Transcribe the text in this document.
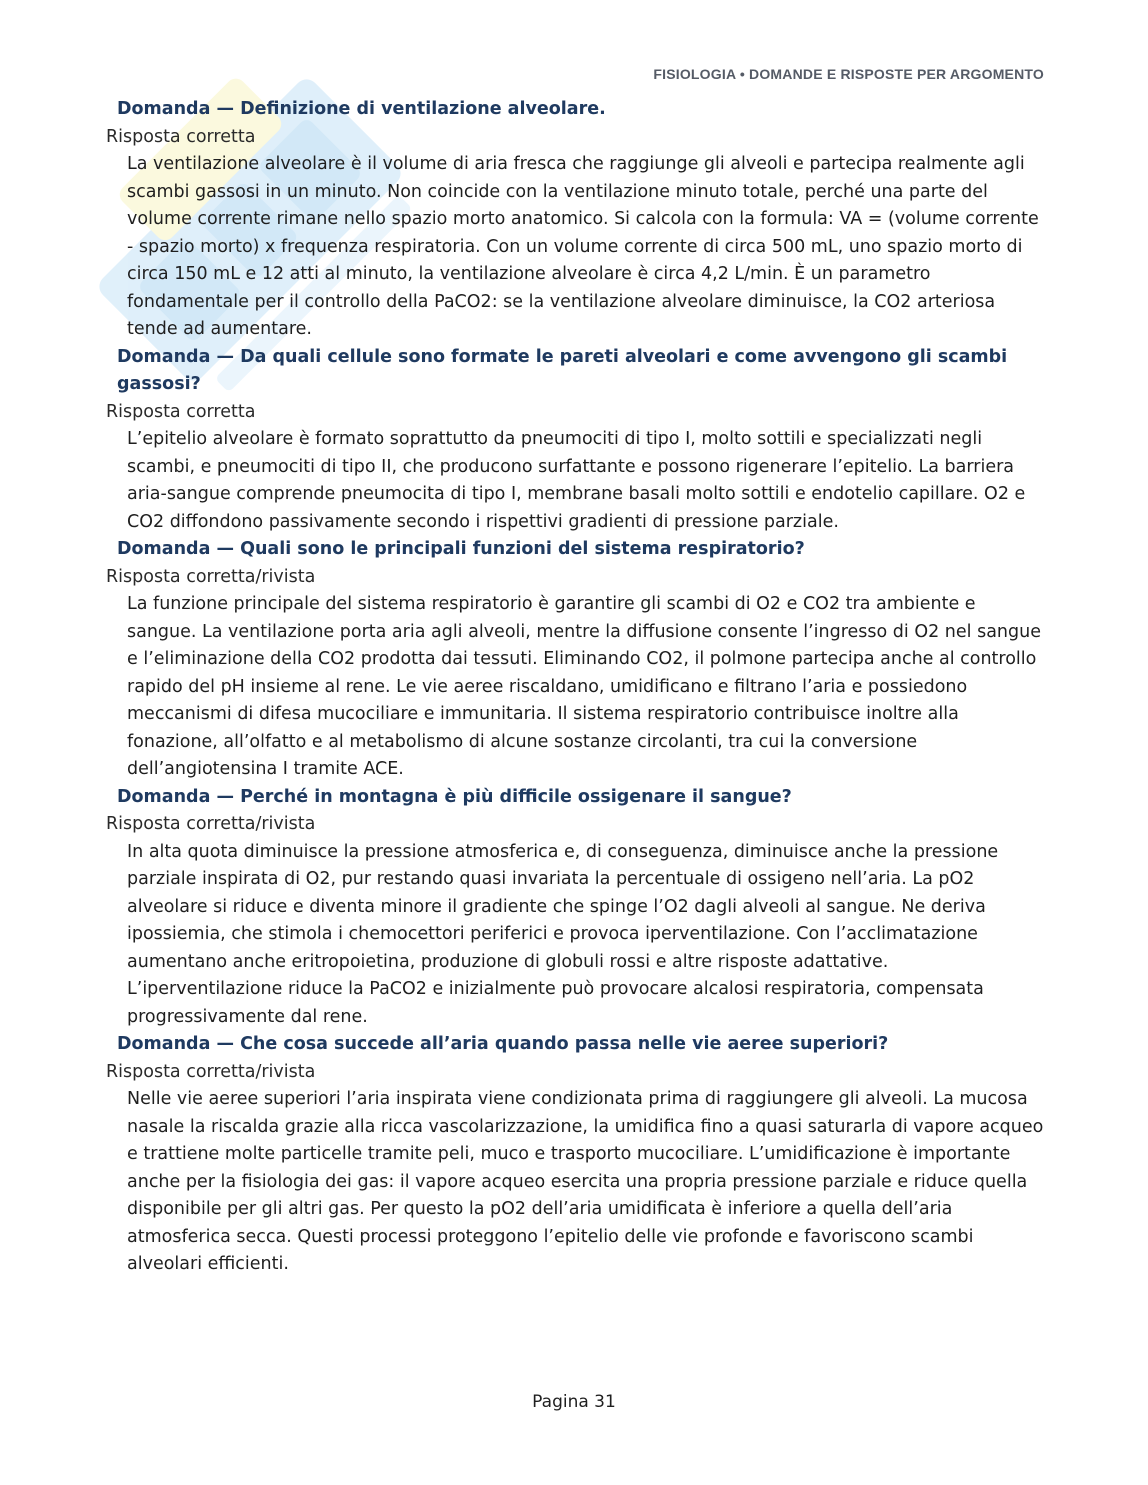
FISIOLOGIA • DOMANDE E RISPOSTE PER ARGOMENTO

Domanda — Definizione di ventilazione alveolare.

Risposta corretta

La ventilazione alveolare è il volume di aria fresca che raggiunge gli alveoli e partecipa realmente agli scambi gassosi in un minuto. Non coincide con la ventilazione minuto totale, perché una parte del volume corrente rimane nello spazio morto anatomico. Si calcola con la formula: VA = (volume corrente - spazio morto) x frequenza respiratoria. Con un volume corrente di circa 500 mL, uno spazio morto di circa 150 mL e 12 atti al minuto, la ventilazione alveolare è circa 4,2 L/min. È un parametro fondamentale per il controllo della PaCO2: se la ventilazione alveolare diminuisce, la CO2 arteriosa tende ad aumentare.

Domanda — Da quali cellule sono formate le pareti alveolari e come avvengono gli scambi gassosi?

Risposta corretta

L’epitelio alveolare è formato soprattutto da pneumociti di tipo I, molto sottili e specializzati negli scambi, e pneumociti di tipo II, che producono surfattante e possono rigenerare l’epitelio. La barriera aria-sangue comprende pneumocita di tipo I, membrane basali molto sottili e endotelio capillare. O2 e CO2 diffondono passivamente secondo i rispettivi gradienti di pressione parziale.

Domanda — Quali sono le principali funzioni del sistema respiratorio?

Risposta corretta/rivista

La funzione principale del sistema respiratorio è garantire gli scambi di O2 e CO2 tra ambiente e sangue. La ventilazione porta aria agli alveoli, mentre la diffusione consente l’ingresso di O2 nel sangue e l’eliminazione della CO2 prodotta dai tessuti. Eliminando CO2, il polmone partecipa anche al controllo rapido del pH insieme al rene. Le vie aeree riscaldano, umidificano e filtrano l’aria e possiedono meccanismi di difesa mucociliare e immunitaria. Il sistema respiratorio contribuisce inoltre alla fonazione, all’olfatto e al metabolismo di alcune sostanze circolanti, tra cui la conversione dell’angiotensina I tramite ACE.

Domanda — Perché in montagna è più difficile ossigenare il sangue?

Risposta corretta/rivista

In alta quota diminuisce la pressione atmosferica e, di conseguenza, diminuisce anche la pressione parziale inspirata di O2, pur restando quasi invariata la percentuale di ossigeno nell’aria. La pO2 alveolare si riduce e diventa minore il gradiente che spinge l’O2 dagli alveoli al sangue. Ne deriva ipossiemia, che stimola i chemocettori periferici e provoca iperventilazione. Con l’acclimatazione aumentano anche eritropoietina, produzione di globuli rossi e altre risposte adattative. L’iperventilazione riduce la PaCO2 e inizialmente può provocare alcalosi respiratoria, compensata progressivamente dal rene.

Domanda — Che cosa succede all’aria quando passa nelle vie aeree superiori?

Risposta corretta/rivista

Nelle vie aeree superiori l’aria inspirata viene condizionata prima di raggiungere gli alveoli. La mucosa nasale la riscalda grazie alla ricca vascolarizzazione, la umidifica fino a quasi saturarla di vapore acqueo e trattiene molte particelle tramite peli, muco e trasporto mucociliare. L’umidificazione è importante anche per la fisiologia dei gas: il vapore acqueo esercita una propria pressione parziale e riduce quella disponibile per gli altri gas. Per questo la pO2 dell’aria umidificata è inferiore a quella dell’aria atmosferica secca. Questi processi proteggono l’epitelio delle vie profonde e favoriscono scambi alveolari efficienti.

Pagina 31
